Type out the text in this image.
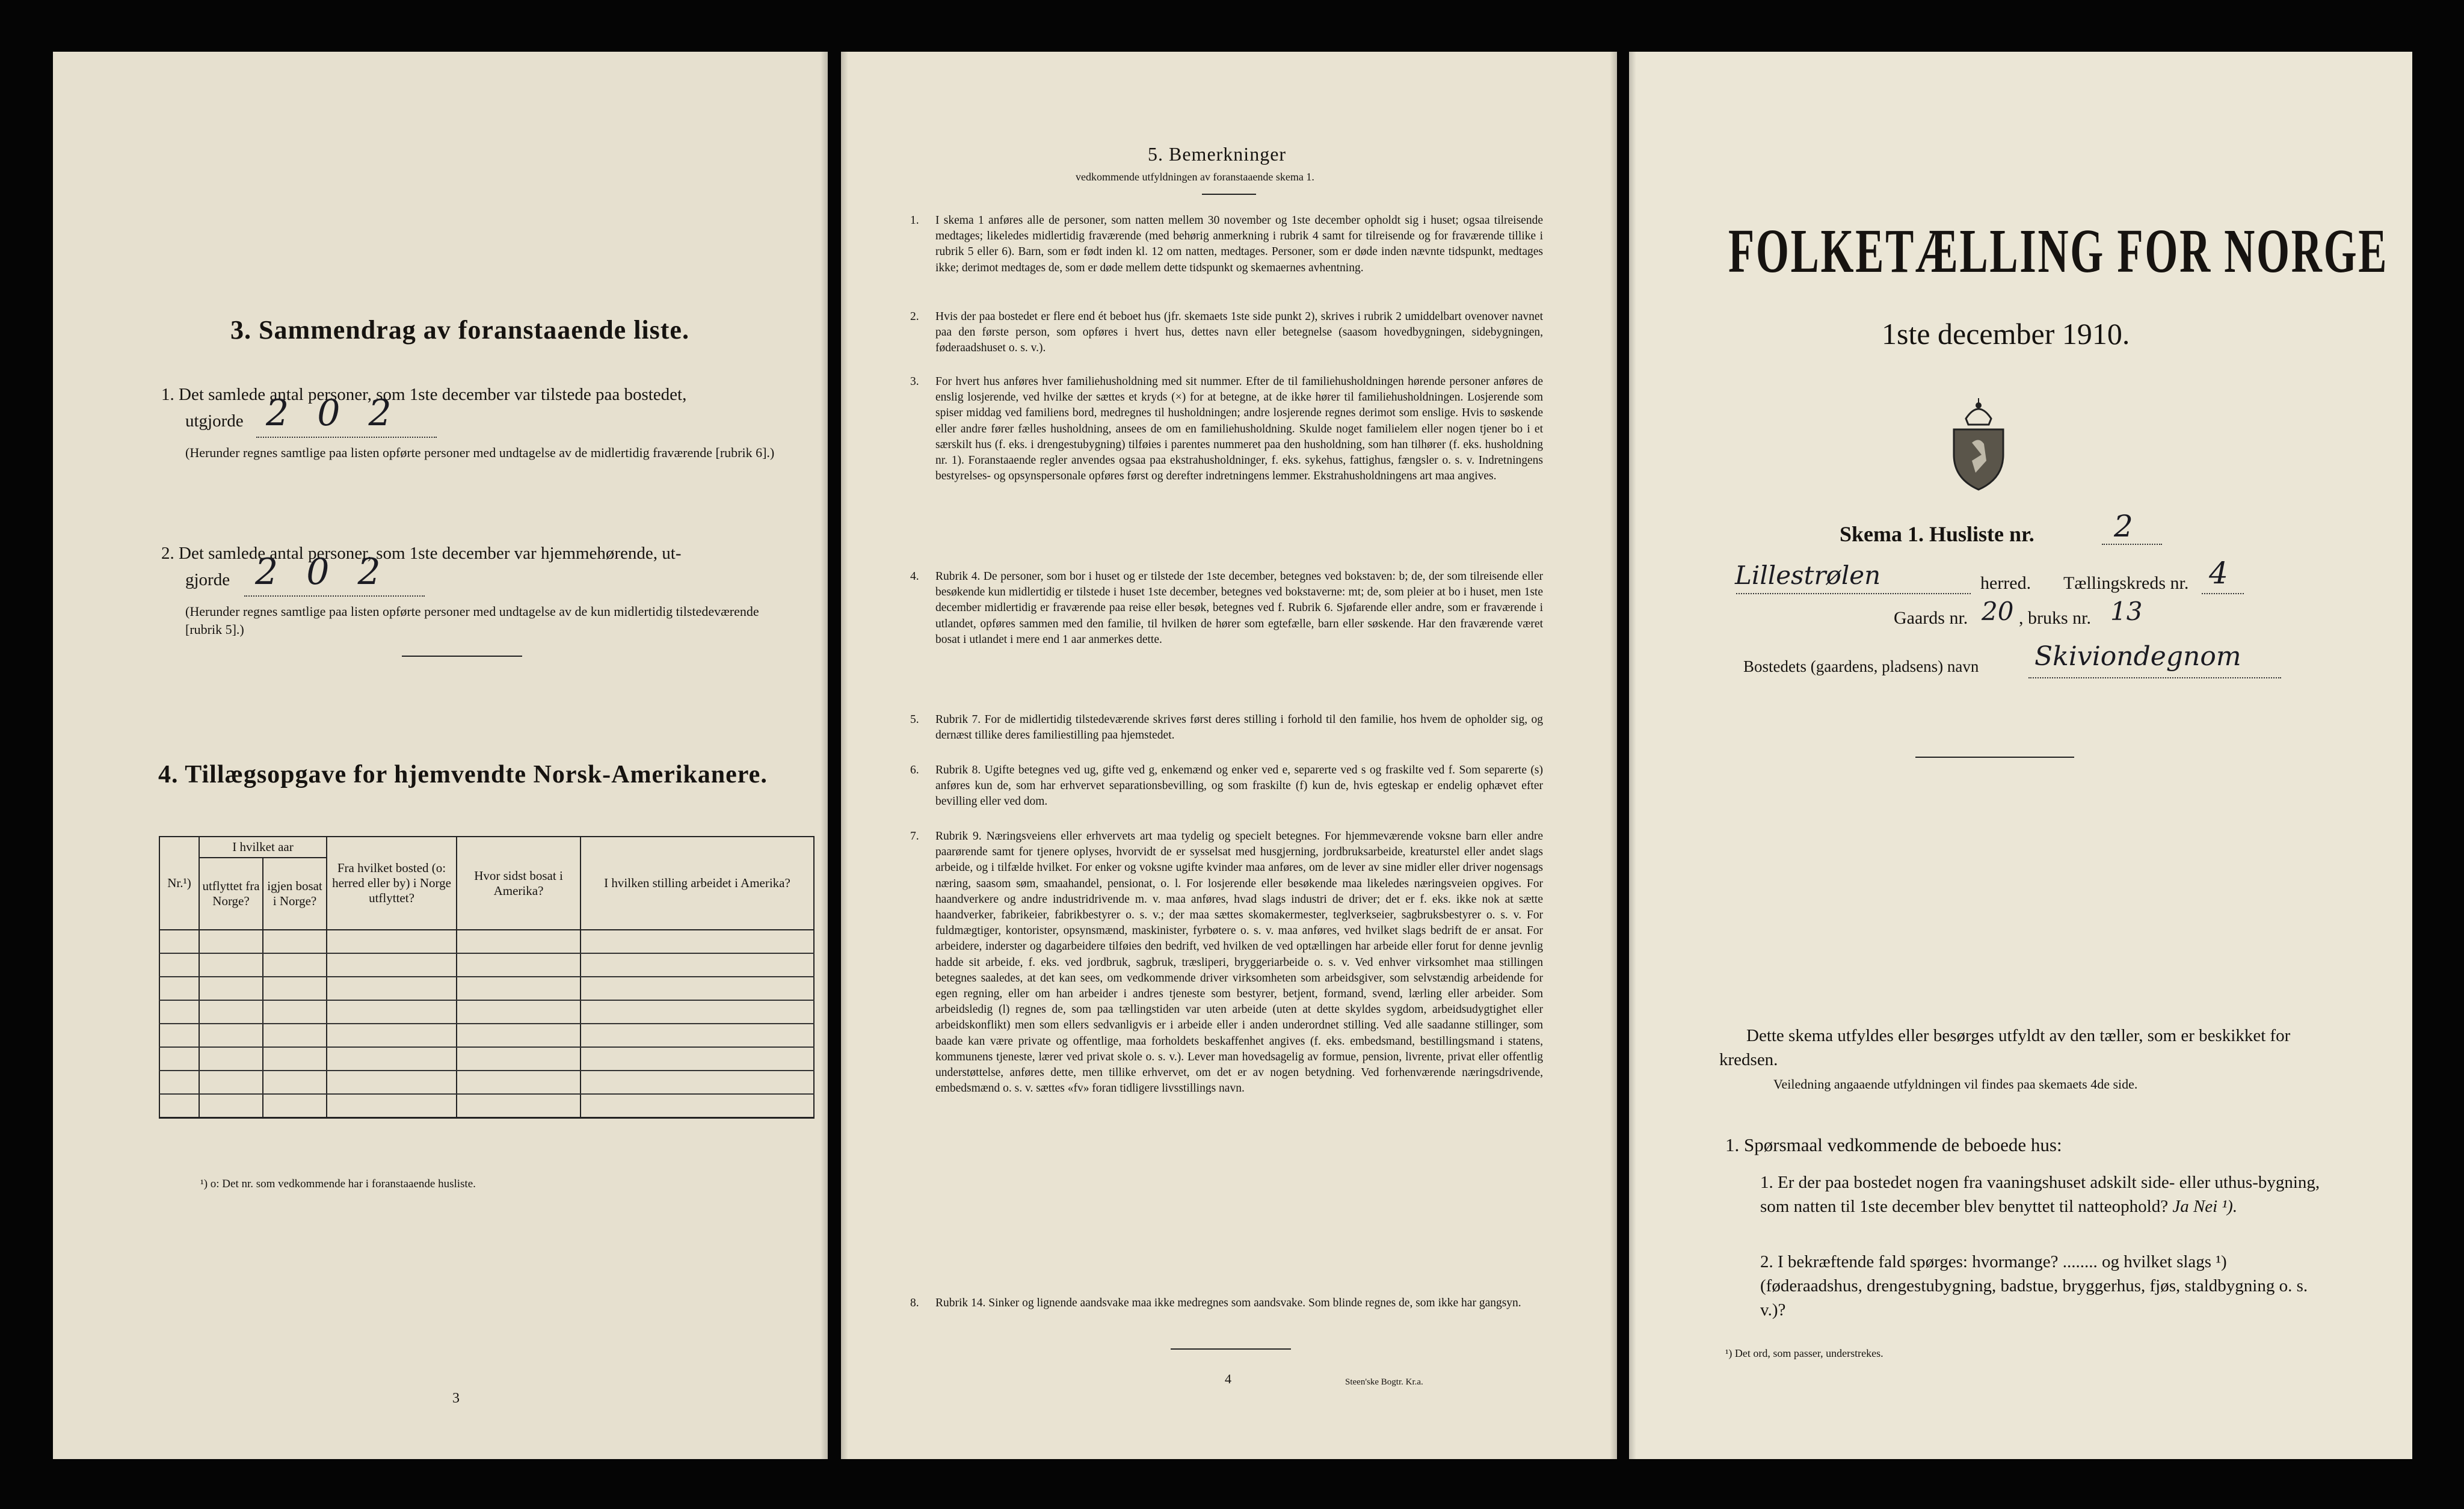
3. Sammendrag av foranstaaende liste.
1. Det samlede antal personer, som 1ste december var tilstede paa bostedet,
utgjorde 2 0 2
(Herunder regnes samtlige paa listen opførte personer med undtagelse av de midlertidig fraværende [rubrik 6].)
2. Det samlede antal personer, som 1ste december var hjemmehørende, ut-
gjorde 2 0 2
(Herunder regnes samtlige paa listen opførte personer med undtagelse av de kun midlertidig tilstedeværende [rubrik 5].)
4. Tillægsopgave for hjemvendte Norsk-Amerikanere.
Nr.¹)	I hvilket aar		Fra hvilket bosted (o: herred eller by) i Norge utflyttet?	Hvor sidst bosat i Amerika?	I hvilken stilling arbeidet i Amerika?
	utflyttet fra Norge?	igjen bosat i Norge?			

¹) o: Det nr. som vedkommende har i foranstaaende husliste.
3
5. Bemerkninger
vedkommende utfyldningen av foranstaaende skema 1.
1. I skema 1 anføres alle de personer, som natten mellem 30 november og 1ste december opholdt sig i huset; ogsaa tilreisende medtages; likeledes midlertidig fraværende (med behørig anmerkning i rubrik 4 samt for tilreisende og for fraværende tillike i rubrik 5 eller 6). Barn, som er født inden kl. 12 om natten, medtages. Personer, som er døde inden nævnte tidspunkt, medtages ikke; derimot medtages de, som er døde mellem dette tidspunkt og skemaernes avhentning.
2. Hvis der paa bostedet er flere end ét beboet hus (jfr. skemaets 1ste side punkt 2), skrives i rubrik 2 umiddelbart ovenover navnet paa den første person, som opføres i hvert hus, dettes navn eller betegnelse (saasom hovedbygningen, sidebygningen, føderaadshuset o. s. v.).
3. For hvert hus anføres hver familiehusholdning med sit nummer. Efter de til familiehusholdningen hørende personer anføres de enslig losjerende, ved hvilke der sættes et kryds (×) for at betegne, at de ikke hører til familiehusholdningen. Losjerende som spiser middag ved familiens bord, medregnes til husholdningen; andre losjerende regnes derimot som enslige. Hvis to søskende eller andre fører fælles husholdning, ansees de om en familiehusholdning. Skulde noget familielem eller nogen tjener bo i et særskilt hus (f. eks. i drengestubygning) tilføies i parentes nummeret paa den husholdning, som han tilhører (f. eks. husholdning nr. 1). Foranstaaende regler anvendes ogsaa paa ekstrahusholdninger, f. eks. sykehus, fattighus, fængsler o. s. v. Indretningens bestyrelses- og opsynspersonale opføres først og derefter indretningens lemmer. Ekstrahusholdningens art maa angives.
4. Rubrik 4. De personer, som bor i huset og er tilstede der 1ste december, betegnes ved bokstaven: b; de, der som tilreisende eller besøkende kun midlertidig er tilstede i huset 1ste december, betegnes ved bokstaverne: mt; de, som pleier at bo i huset, men 1ste december midlertidig er fraværende paa reise eller besøk, betegnes ved f. Rubrik 6. Sjøfarende eller andre, som er fraværende i utlandet, opføres sammen med den familie, til hvilken de hører som egtefælle, barn eller søskende. Har den fraværende været bosat i utlandet i mere end 1 aar anmerkes dette.
5. Rubrik 7. For de midlertidig tilstedeværende skrives først deres stilling i forhold til den familie, hos hvem de opholder sig, og dernæst tillike deres familiestilling paa hjemstedet.
6. Rubrik 8. Ugifte betegnes ved ug, gifte ved g, enkemænd og enker ved e, separerte ved s og fraskilte ved f. Som separerte (s) anføres kun de, som har erhvervet separationsbevilling, og som fraskilte (f) kun de, hvis egteskap er endelig ophævet efter bevilling eller ved dom.
7. Rubrik 9. Næringsveiens eller erhvervets art maa tydelig og specielt betegnes. For hjemmeværende voksne barn eller andre paarørende samt for tjenere oplyses, hvorvidt de er sysselsat med husgjerning, jordbruksarbeide, kreaturstel eller andet slags arbeide, og i tilfælde hvilket. For enker og voksne ugifte kvinder maa anføres, om de lever av sine midler eller driver nogensags næring, saasom søm, smaahandel, pensionat, o. l. For losjerende eller besøkende maa likeledes næringsveien opgives. For haandverkere og andre industridrivende m. v. maa anføres, hvad slags industri de driver; det er f. eks. ikke nok at sætte haandverker, fabrikeier, fabrikbestyrer o. s. v.; der maa sættes skomakermester, teglverkseier, sagbruksbestyrer o. s. v. For fuldmægtiger, kontorister, opsynsmænd, maskinister, fyrbøtere o. s. v. maa anføres, ved hvilket slags bedrift de er ansat. For arbeidere, inderster og dagarbeidere tilføies den bedrift, ved hvilken de ved optællingen har arbeide eller forut for denne jevnlig hadde sit arbeide, f. eks. ved jordbruk, sagbruk, træsliperi, bryggeriarbeide o. s. v. Ved enhver virksomhet maa stillingen betegnes saaledes, at det kan sees, om vedkommende driver virksomheten som arbeidsgiver, som selvstændig arbeidende for egen regning, eller om han arbeider i andres tjeneste som bestyrer, betjent, formand, svend, lærling eller arbeider. Som arbeidsledig (l) regnes de, som paa tællingstiden var uten arbeide (uten at dette skyldes sygdom, arbeidsudygtighet eller arbeidskonflikt) men som ellers sedvanligvis er i arbeide eller i anden underordnet stilling. Ved alle saadanne stillinger, som baade kan være private og offentlige, maa forholdets beskaffenhet angives (f. eks. embedsmand, bestillingsmand i statens, kommunens tjeneste, lærer ved privat skole o. s. v.). Lever man hovedsagelig av formue, pension, livrente, privat eller offentlig understøttelse, anføres dette, men tillike erhvervet, om det er av nogen betydning. Ved forhenværende næringsdrivende, embedsmænd o. s. v. sættes «fv» foran tidligere livsstillings navn.
8. Rubrik 14. Sinker og lignende aandsvake maa ikke medregnes som aandsvake. Som blinde regnes de, som ikke har gangsyn.
4	Steen'ske Bogtr. Kr.a.
FOLKETÆLLING FOR NORGE
1ste december 1910.
Skema 1. Husliste nr.	2
Lillestrølen	herred. Tællingskreds nr. 4
Gaards nr. 20 , bruks nr. 13
Bostedets (gaardens, pladsens) navn Skiviondegnom
Dette skema utfyldes eller besørges utfyldt av den tæller, som er beskikket for kredsen.
Veiledning angaaende utfyldningen vil findes paa skemaets 4de side.
1. Spørsmaal vedkommende de beboede hus:
1. Er der paa bostedet nogen fra vaaningshuset adskilt side- eller uthus-bygning, som natten til 1ste december blev benyttet til natteophold? Ja Nei ¹).
2. I bekræftende fald spørges: hvormange? ........ og hvilket slags ¹) (føderaadshus, drengestubygning, badstue, bryggerhus, fjøs, staldbygning o. s. v.)?
¹) Det ord, som passer, understrekes.
